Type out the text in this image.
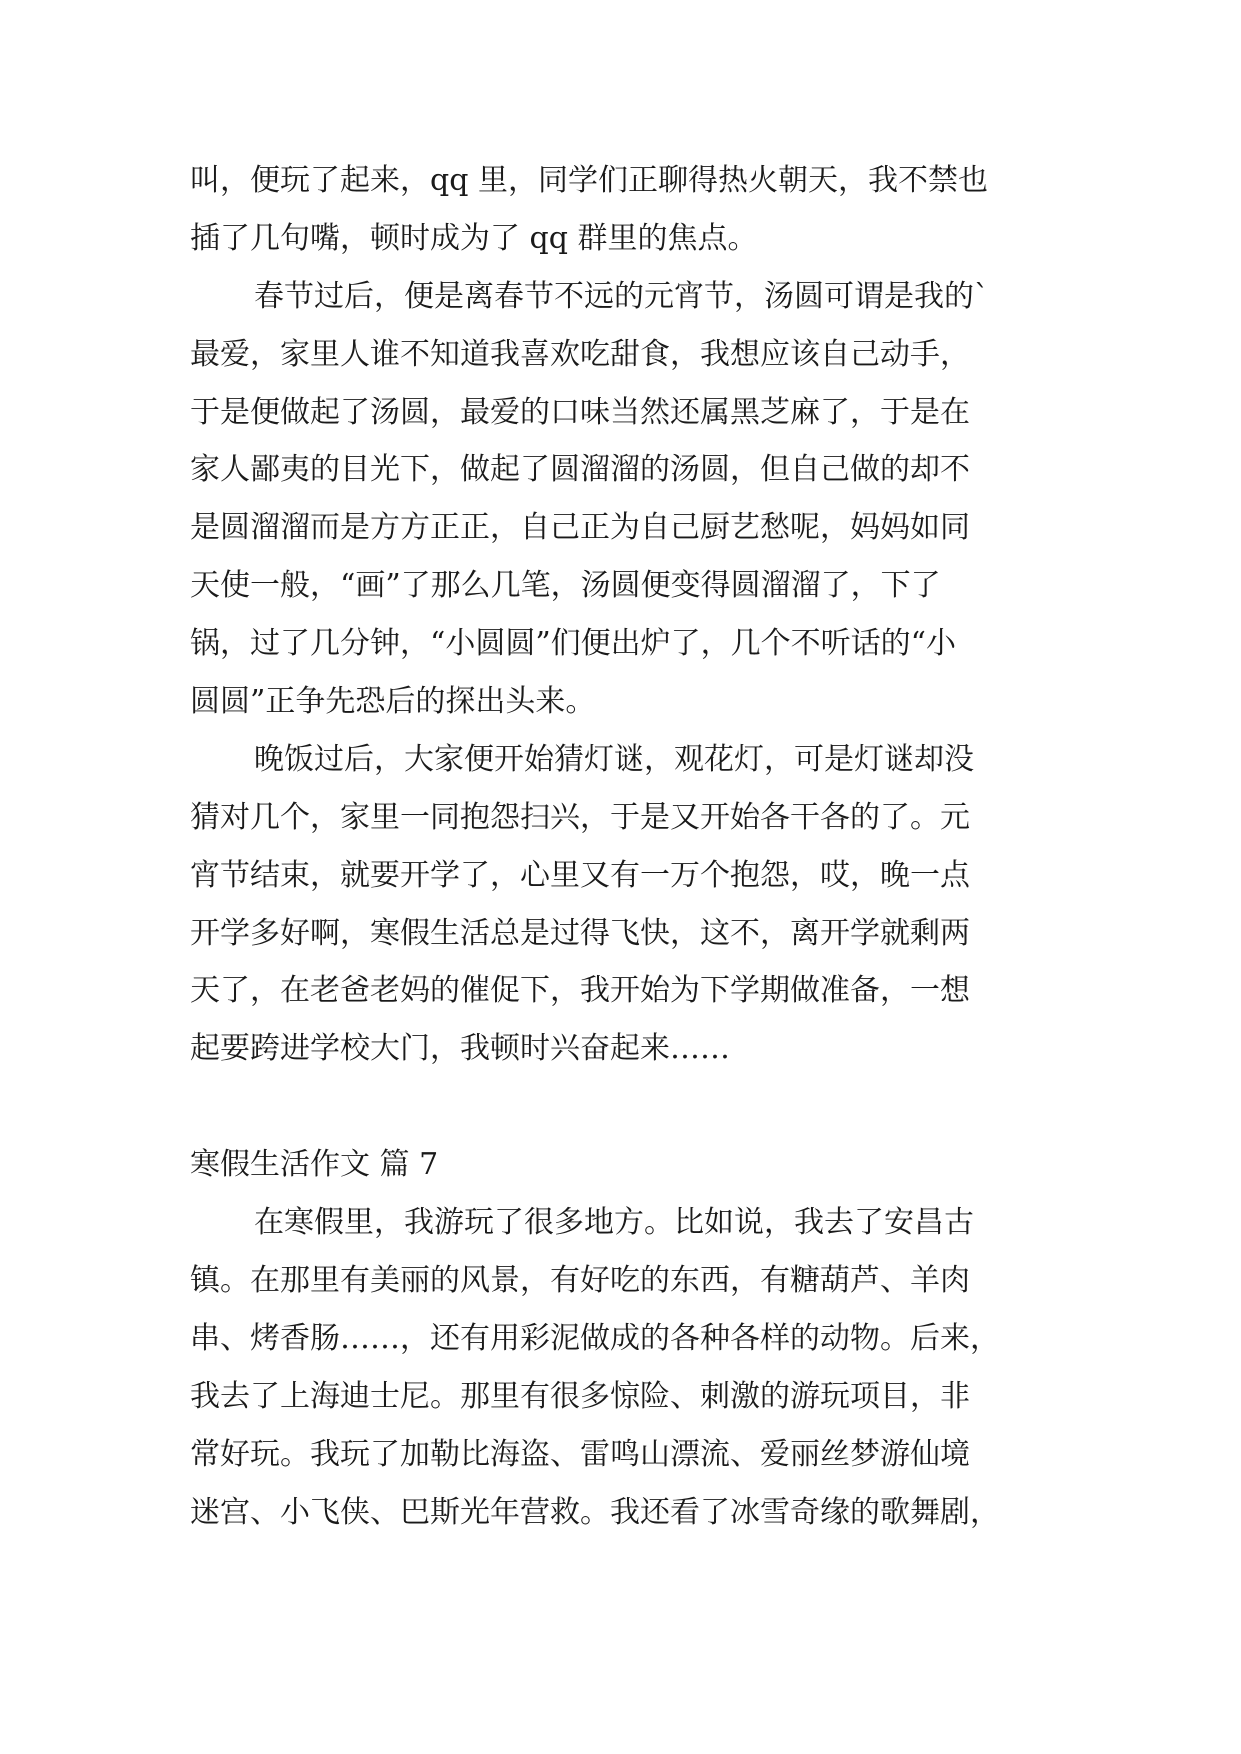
叫，便玩了起来，qq 里，同学们正聊得热火朝天，我不禁也
插了几句嘴，顿时成为了 qq 群里的焦点。
春节过后，便是离春节不远的元宵节，汤圆可谓是我的`
最爱，家里人谁不知道我喜欢吃甜食，我想应该自己动手，
于是便做起了汤圆，最爱的口味当然还属黑芝麻了，于是在
家人鄙夷的目光下，做起了圆溜溜的汤圆，但自己做的却不
是圆溜溜而是方方正正，自己正为自己厨艺愁呢，妈妈如同
天使一般，“画”了那么几笔，汤圆便变得圆溜溜了，下了
锅，过了几分钟，“小圆圆”们便出炉了，几个不听话的“小
圆圆”正争先恐后的探出头来。
晚饭过后，大家便开始猜灯谜，观花灯，可是灯谜却没
猜对几个，家里一同抱怨扫兴，于是又开始各干各的了。元
宵节结束，就要开学了，心里又有一万个抱怨，哎，晚一点
开学多好啊，寒假生活总是过得飞快，这不，离开学就剩两
天了，在老爸老妈的催促下，我开始为下学期做准备，一想
起要跨进学校大门，我顿时兴奋起来……
寒假生活作文 篇 7
在寒假里，我游玩了很多地方。比如说，我去了安昌古
镇。在那里有美丽的风景，有好吃的东西，有糖葫芦、羊肉
串、烤香肠……，还有用彩泥做成的各种各样的动物。后来，
我去了上海迪士尼。那里有很多惊险、刺激的游玩项目，非
常好玩。我玩了加勒比海盗、雷鸣山漂流、爱丽丝梦游仙境
迷宫、小飞侠、巴斯光年营救。我还看了冰雪奇缘的歌舞剧，
